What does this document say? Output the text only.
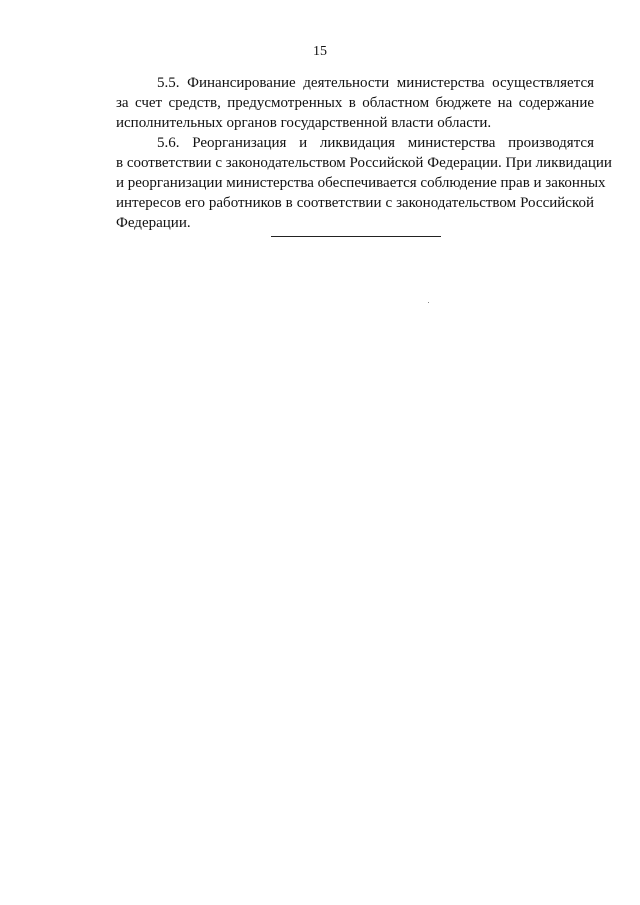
15
5.5. Финансирование деятельности министерства осуществляется
за счет средств, предусмотренных в областном бюджете на содержание
исполнительных органов государственной власти области.
5.6. Реорганизация и ликвидация министерства производятся
в соответствии с законодательством Российской Федерации. При ликвидации
и реорганизации министерства обеспечивается соблюдение прав и законных
интересов его работников в соответствии с законодательством Российской
Федерации.
